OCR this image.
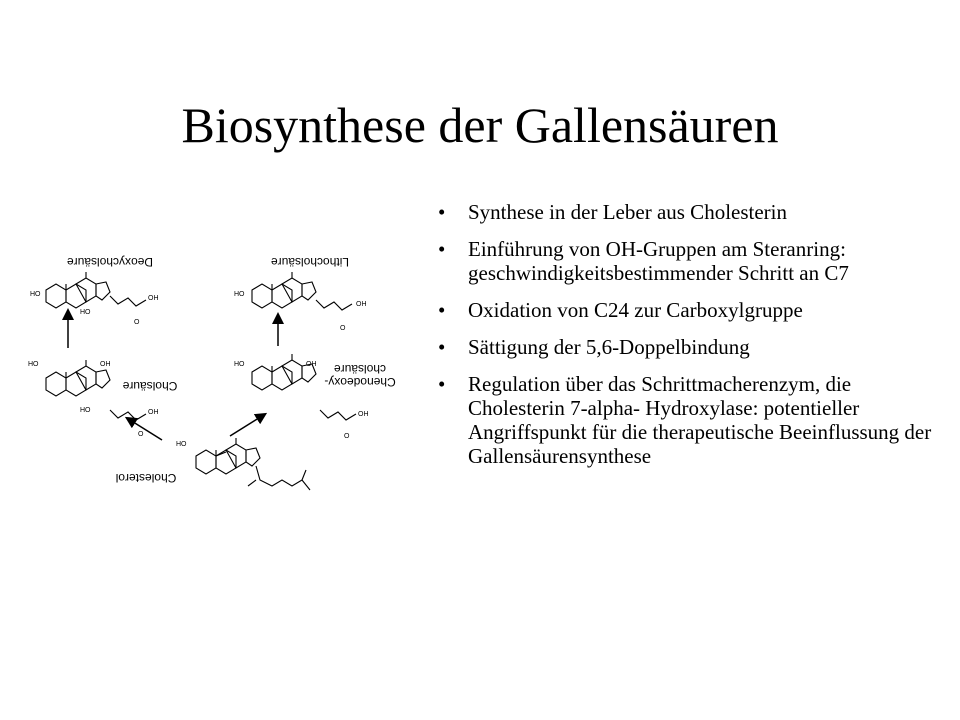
Biosynthese der Gallensäuren
Deoxycholsäure
HO
OH
O
HO
Lithocholsäure
HO
OH
O
HO	OH
Cholsäure
HO	OH
O
HO	OH
Chenodeoxy-
cholsäure
OH
O
HO
Cholesterol
• Synthese in der Leber aus Cholesterin
• Einführung von OH-Gruppen am Steranring: geschwindigkeitsbestimmender Schritt an C7
• Oxidation von C24 zur Carboxylgruppe
• Sättigung der 5,6-Doppelbindung
• Regulation über das Schrittmacherenzym, die Cholesterin 7-alpha- Hydroxylase: potentieller Angriffspunkt für die therapeutische Beeinflussung der Gallensäurensynthese
